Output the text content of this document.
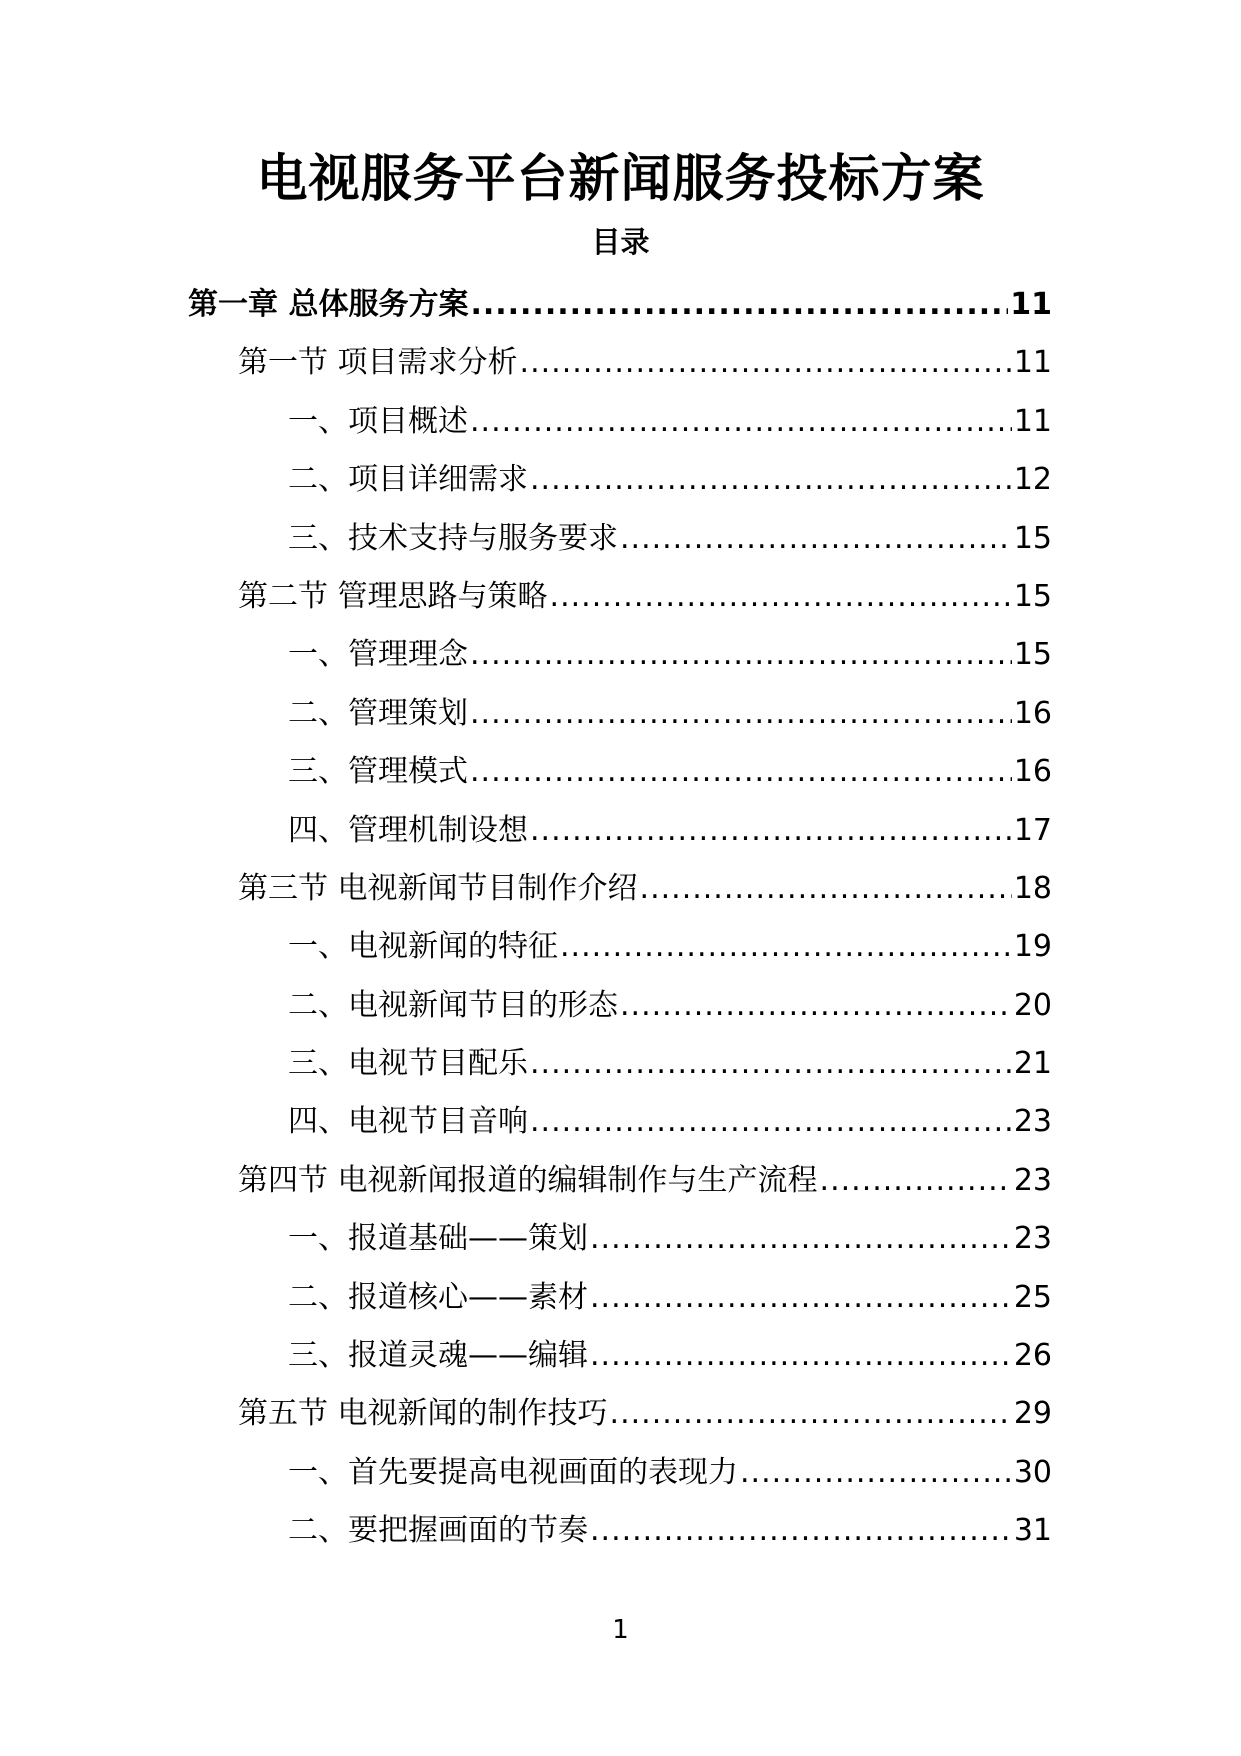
电视服务平台新闻服务投标方案
目录
第一章 总体服务方案 .....	11
第一节 项目需求分析 .....	11
一、项目概述 .....	11
二、项目详细需求 .....	12
三、技术支持与服务要求 .....	15
第二节 管理思路与策略 .....	15
一、管理理念 .....	15
二、管理策划 .....	16
三、管理模式 .....	16
四、管理机制设想 .....	17
第三节 电视新闻节目制作介绍 .....	18
一、电视新闻的特征 .....	19
二、电视新闻节目的形态 .....	20
三、电视节目配乐 .....	21
四、电视节目音响 .....	23
第四节 电视新闻报道的编辑制作与生产流程 .....	23
一、报道基础——策划 .....	23
二、报道核心——素材 .....	25
三、报道灵魂——编辑 .....	26
第五节 电视新闻的制作技巧 .....	29
一、首先要提高电视画面的表现力 .....	30
二、要把握画面的节奏 .....	31
1
